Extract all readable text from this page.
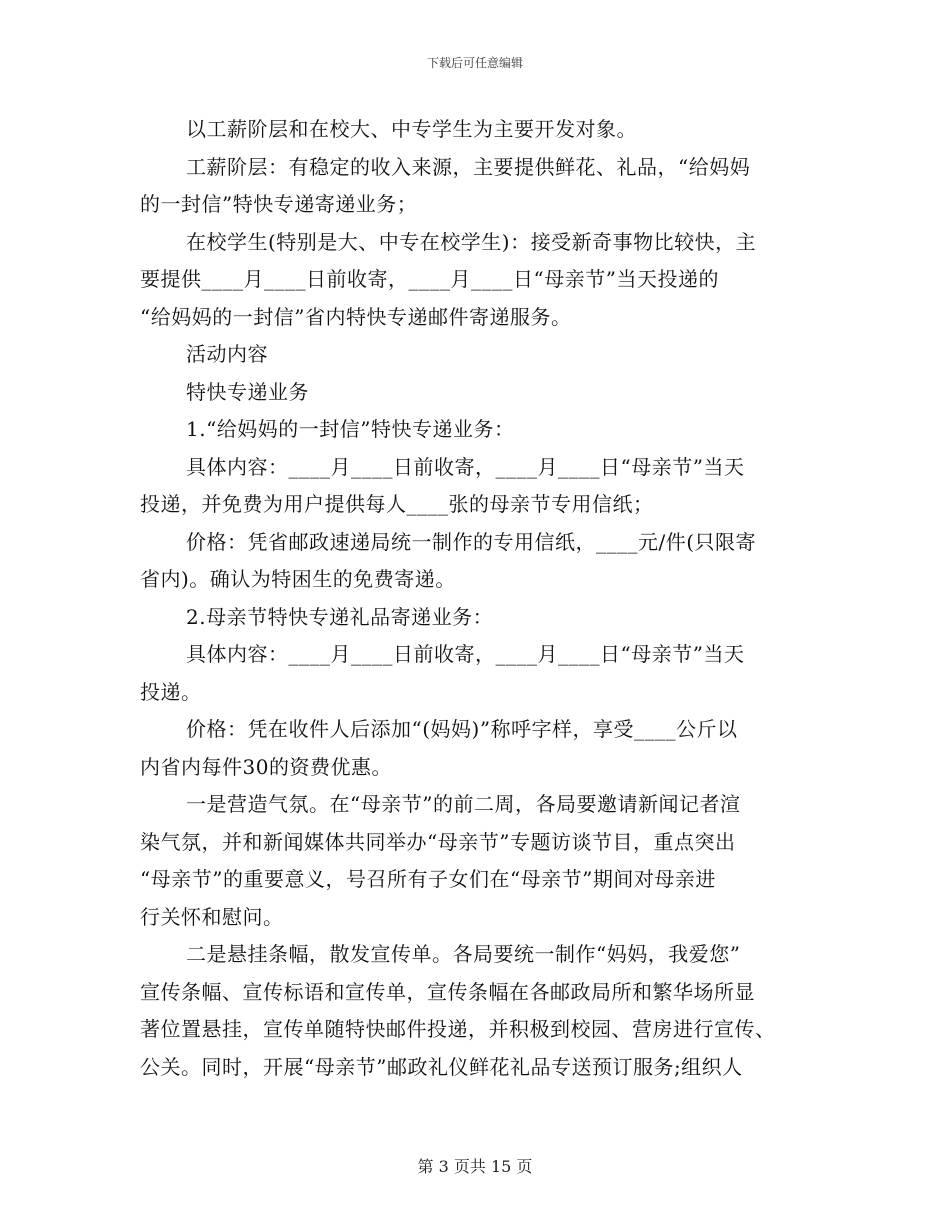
下载后可任意编辑
以工薪阶层和在校大、中专学生为主要开发对象。
工薪阶层：有稳定的收入来源，主要提供鲜花、礼品，“给妈妈
的一封信”特快专递寄递业务；
在校学生(特别是大、中专在校学生)：接受新奇事物比较快，主
要提供____月____日前收寄，____月____日“母亲节”当天投递的
“给妈妈的一封信”省内特快专递邮件寄递服务。
活动内容
特快专递业务
1.“给妈妈的一封信”特快专递业务：
具体内容：____月____日前收寄，____月____日“母亲节”当天
投递，并免费为用户提供每人____张的母亲节专用信纸；
价格：凭省邮政速递局统一制作的专用信纸，____元/件(只限寄
省内)。确认为特困生的免费寄递。
2.母亲节特快专递礼品寄递业务：
具体内容：____月____日前收寄，____月____日“母亲节”当天
投递。
价格：凭在收件人后添加“(妈妈)”称呼字样，享受____公斤以
内省内每件30的资费优惠。
一是营造气氛。在“母亲节”的前二周，各局要邀请新闻记者渲
染气氛，并和新闻媒体共同举办“母亲节”专题访谈节目，重点突出
“母亲节”的重要意义，号召所有子女们在“母亲节”期间对母亲进
行关怀和慰问。
二是悬挂条幅，散发宣传单。各局要统一制作“妈妈，我爱您”
宣传条幅、宣传标语和宣传单，宣传条幅在各邮政局所和繁华场所显
著位置悬挂，宣传单随特快邮件投递，并积极到校园、营房进行宣传、
公关。同时，开展“母亲节”邮政礼仪鲜花礼品专送预订服务;组织人
第 3 页共 15 页
